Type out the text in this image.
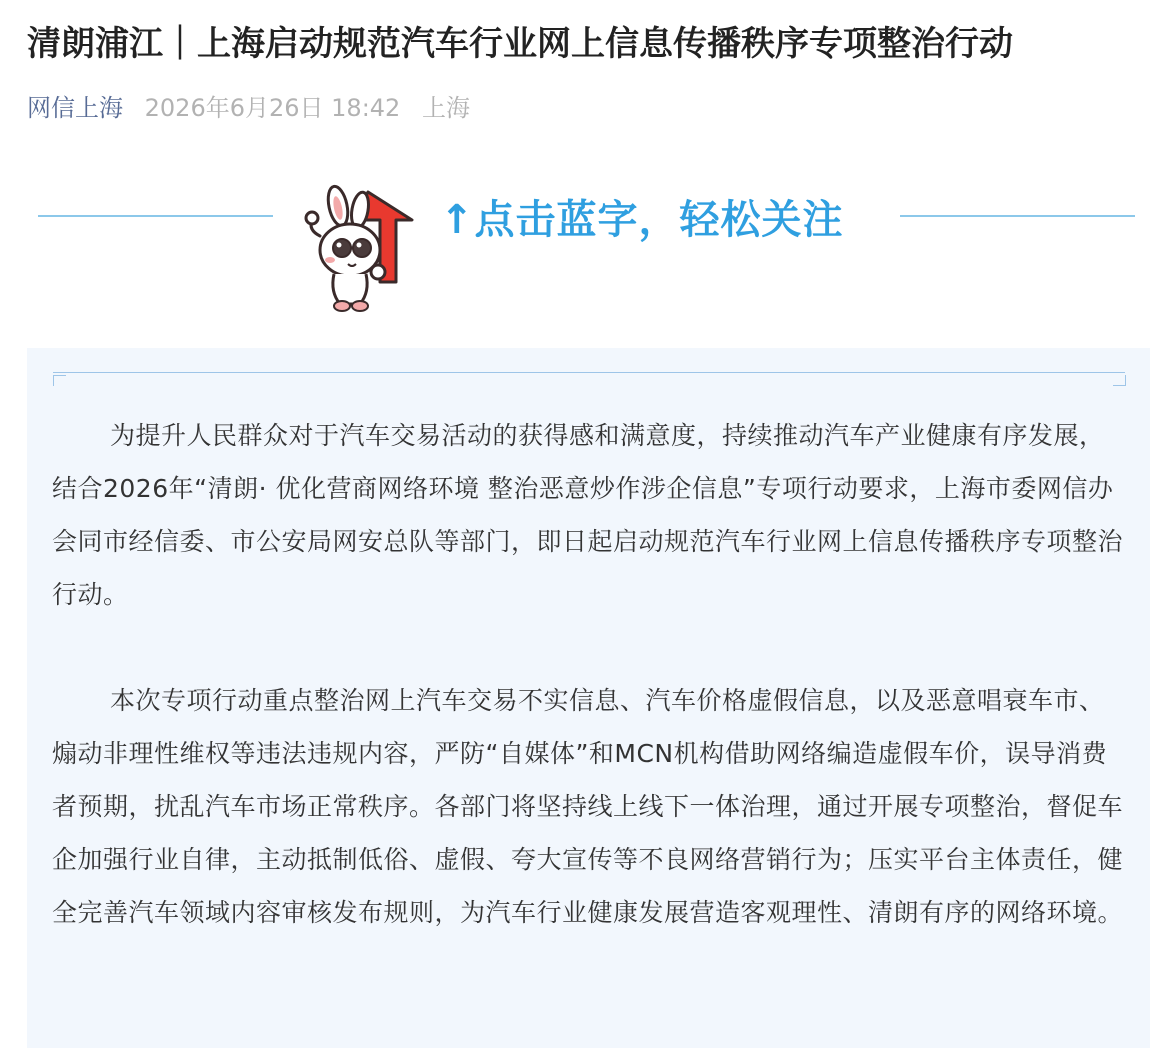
清朗浦江｜上海启动规范汽车行业网上信息传播秩序专项整治行动
网信上海 2026年6月26日 18:42 上海
↑点击蓝字，轻松关注

为提升人民群众对于汽车交易活动的获得感和满意度，持续推动汽车产业健康有序发展，结合2026年“清朗· 优化营商网络环境 整治恶意炒作涉企信息”专项行动要求，上海市委网信办会同市经信委、市公安局网安总队等部门，即日起启动规范汽车行业网上信息传播秩序专项整治行动。

本次专项行动重点整治网上汽车交易不实信息、汽车价格虚假信息，以及恶意唱衰车市、煽动非理性维权等违法违规内容，严防“自媒体”和MCN机构借助网络编造虚假车价，误导消费者预期，扰乱汽车市场正常秩序。各部门将坚持线上线下一体治理，通过开展专项整治，督促车企加强行业自律，主动抵制低俗、虚假、夸大宣传等不良网络营销行为；压实平台主体责任，健全完善汽车领域内容审核发布规则，为汽车行业健康发展营造客观理性、清朗有序的网络环境。
